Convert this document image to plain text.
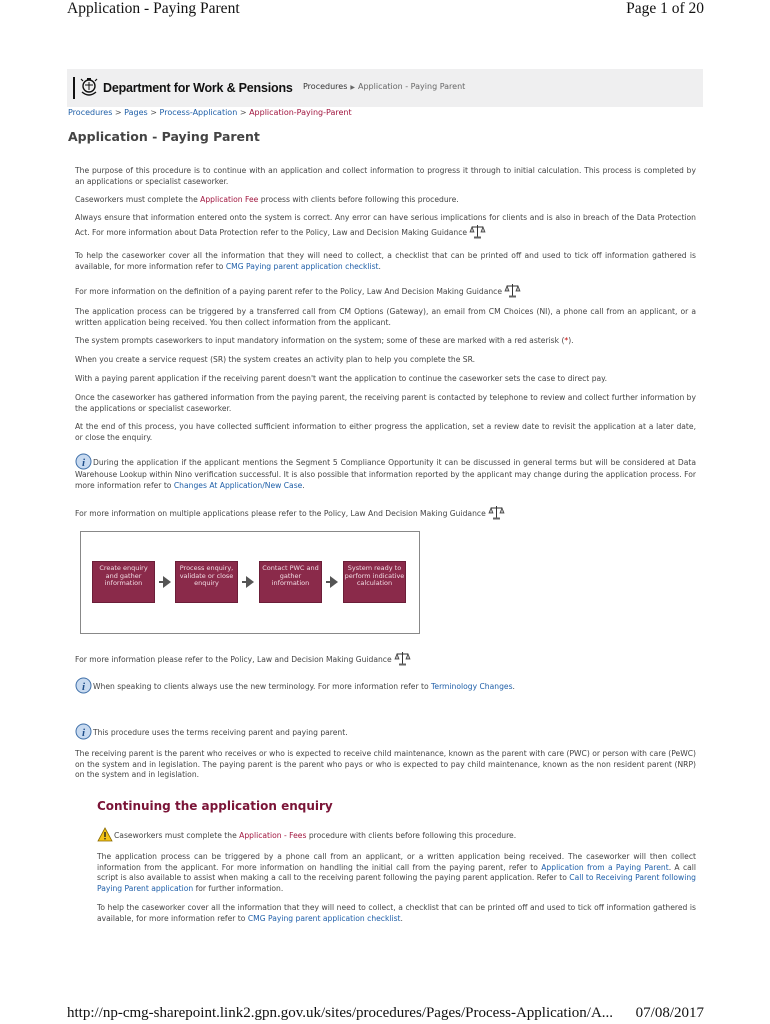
Application - Paying Parent	Page 1 of 20
Department for Work & Pensions Procedures ▶ Application - Paying Parent
Procedures > Pages > Process-Application > Application-Paying-Parent
Application - Paying Parent

The purpose of this procedure is to continue with an application and collect information to progress it through to initial calculation. This process is completed by an applications or specialist caseworker.

Caseworkers must complete the Application Fee process with clients before following this procedure.

Always ensure that information entered onto the system is correct. Any error can have serious implications for clients and is also in breach of the Data Protection Act. For more information about Data Protection refer to the Policy, Law and Decision Making Guidance

To help the caseworker cover all the information that they will need to collect, a checklist that can be printed off and used to tick off information gathered is available, for more information refer to CMG Paying parent application checklist.

For more information on the definition of a paying parent refer to the Policy, Law And Decision Making Guidance

The application process can be triggered by a transferred call from CM Options (Gateway), an email from CM Choices (NI), a phone call from an applicant, or a written application being received. You then collect information from the applicant.

The system prompts caseworkers to input mandatory information on the system; some of these are marked with a red asterisk (*).

When you create a service request (SR) the system creates an activity plan to help you complete the SR.

With a paying parent application if the receiving parent doesn't want the application to continue the caseworker sets the case to direct pay.

Once the caseworker has gathered information from the paying parent, the receiving parent is contacted by telephone to review and collect further information by the applications or specialist caseworker.

At the end of this process, you have collected sufficient information to either progress the application, set a review date to revisit the application at a later date, or close the enquiry.

i During the application if the applicant mentions the Segment 5 Compliance Opportunity it can be discussed in general terms but will be considered at Data Warehouse Lookup within Nino verification successful. It is also possible that information reported by the applicant may change during the application process. For more information refer to Changes At Application/New Case.

For more information on multiple applications please refer to the Policy, Law And Decision Making Guidance

Create enquiry and gather information
Process enquiry, validate or close enquiry
Contact PWC and gather information
System ready to perform indicative calculation

For more information please refer to the Policy, Law and Decision Making Guidance

i When speaking to clients always use the new terminology. For more information refer to Terminology Changes.

i This procedure uses the terms receiving parent and paying parent.

The receiving parent is the parent who receives or who is expected to receive child maintenance, known as the parent with care (PWC) or person with care (PeWC) on the system and in legislation. The paying parent is the parent who pays or who is expected to pay child maintenance, known as the non resident parent (NRP) on the system and in legislation.

Continuing the application enquiry

Caseworkers must complete the Application - Fees procedure with clients before following this procedure.

The application process can be triggered by a phone call from an applicant, or a written application being received. The caseworker will then collect information from the applicant. For more information on handling the initial call from the paying parent, refer to Application from a Paying Parent. A call script is also available to assist when making a call to the receiving parent following the paying parent application. Refer to Call to Receiving Parent following Paying Parent application for further information.

To help the caseworker cover all the information that they will need to collect, a checklist that can be printed off and used to tick off information gathered is available, for more information refer to CMG Paying parent application checklist.

http://np-cmg-sharepoint.link2.gpn.gov.uk/sites/procedures/Pages/Process-Application/A... 07/08/2017
